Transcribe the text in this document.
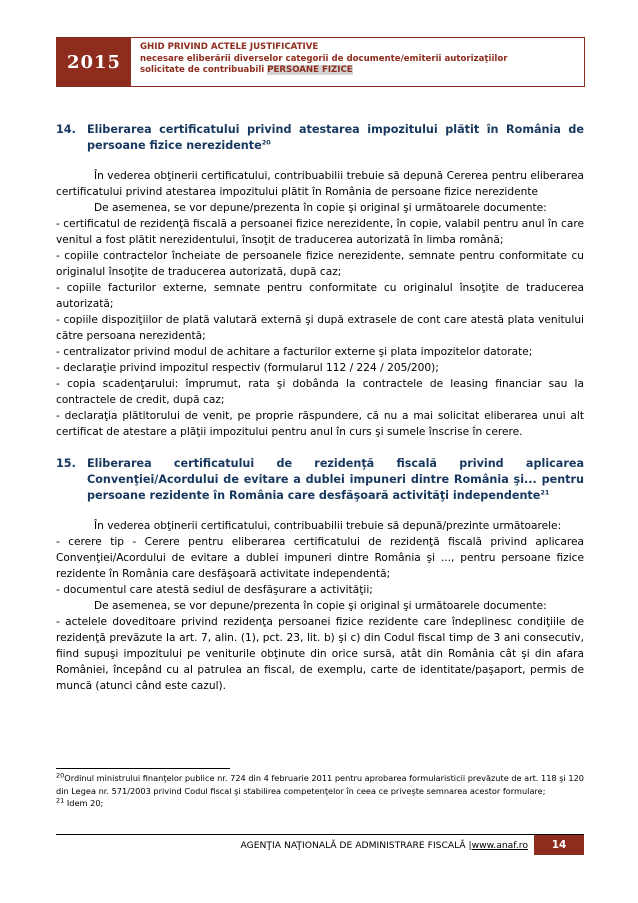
2015
GHID PRIVIND ACTELE JUSTIFICATIVE
necesare eliberării diverselor categorii de documente/emiterii autorizaţiilor
solicitate de contribuabili PERSOANE FIZICE
14. Eliberarea certificatului privind atestarea impozitului plătit în România de persoane fizice nerezidente$^{20}$

În vederea obţinerii certificatului, contribuabilii trebuie să depună Cererea pentru eliberarea certificatului privind atestarea impozitului plătit în România de persoane fizice nerezidente

De asemenea, se vor depune/prezenta în copie şi original şi următoarele documente:

- certificatul de rezidenţă fiscală a persoanei fizice nerezidente, în copie, valabil pentru anul în care venitul a fost plătit nerezidentului, însoţit de traducerea autorizată în limba română;

- copiile contractelor încheiate de persoanele fizice nerezidente, semnate pentru conformitate cu originalul însoţite de traducerea autorizată, după caz;

- copiile facturilor externe, semnate pentru conformitate cu originalul însoţite de traducerea autorizată;

- copiile dispoziţiilor de plată valutară externă şi după extrasele de cont care atestă plata venitului către persoana nerezidentă;

- centralizator privind modul de achitare a facturilor externe şi plata impozitelor datorate;

- declaraţie privind impozitul respectiv (formularul 112 / 224 / 205/200);

- copia scadenţarului: împrumut, rata şi dobânda la contractele de leasing financiar sau la contractele de credit, după caz;

- declaraţia plătitorului de venit, pe proprie răspundere, că nu a mai solicitat eliberarea unui alt certificat de atestare a plăţii impozitului pentru anul în curs şi sumele înscrise în cerere.

15. Eliberarea certificatului de rezidenţă fiscală privind aplicarea Convenţiei/Acordului de evitare a dublei impuneri dintre România şi... pentru persoane rezidente în România care desfăşoară activităţi independente$^{21}$

În vederea obţinerii certificatului, contribuabilii trebuie să depună/prezinte următoarele:

- cerere tip - Cerere pentru eliberarea certificatului de rezidenţă fiscală privind aplicarea Convenţiei/Acordului de evitare a dublei impuneri dintre România şi ..., pentru persoane fizice rezidente în România care desfăşoară activitate independentă;

- documentul care atestă sediul de desfăşurare a activităţii;

De asemenea, se vor depune/prezenta în copie şi original şi următoarele documente:

- actelele doveditoare privind rezidenţa persoanei fizice rezidente care îndeplinesc condiţiile de rezidenţă prevăzute la art. 7, alin. (1), pct. 23, lit. b) şi c) din Codul fiscal timp de 3 ani consecutiv, fiind supuşi impozitului pe veniturile obţinute din orice sursă, atât din România cât şi din afara României, începând cu al patrulea an fiscal, de exemplu, carte de identitate/paşaport, permis de muncă (atunci când este cazul).

$^{20}$Ordinul ministrului finanţelor publice nr. 724 din 4 februarie 2011 pentru aprobarea formularisticii prevăzute de art. 118 şi 120 din Legea nr. 571/2003 privind Codul fiscal şi stabilirea competenţelor în ceea ce priveşte semnarea acestor formulare;

$^{21}$ Idem 20;

AGENŢIA NAŢIONALĂ DE ADMINISTRARE FISCALĂ |www.anaf.ro	14
